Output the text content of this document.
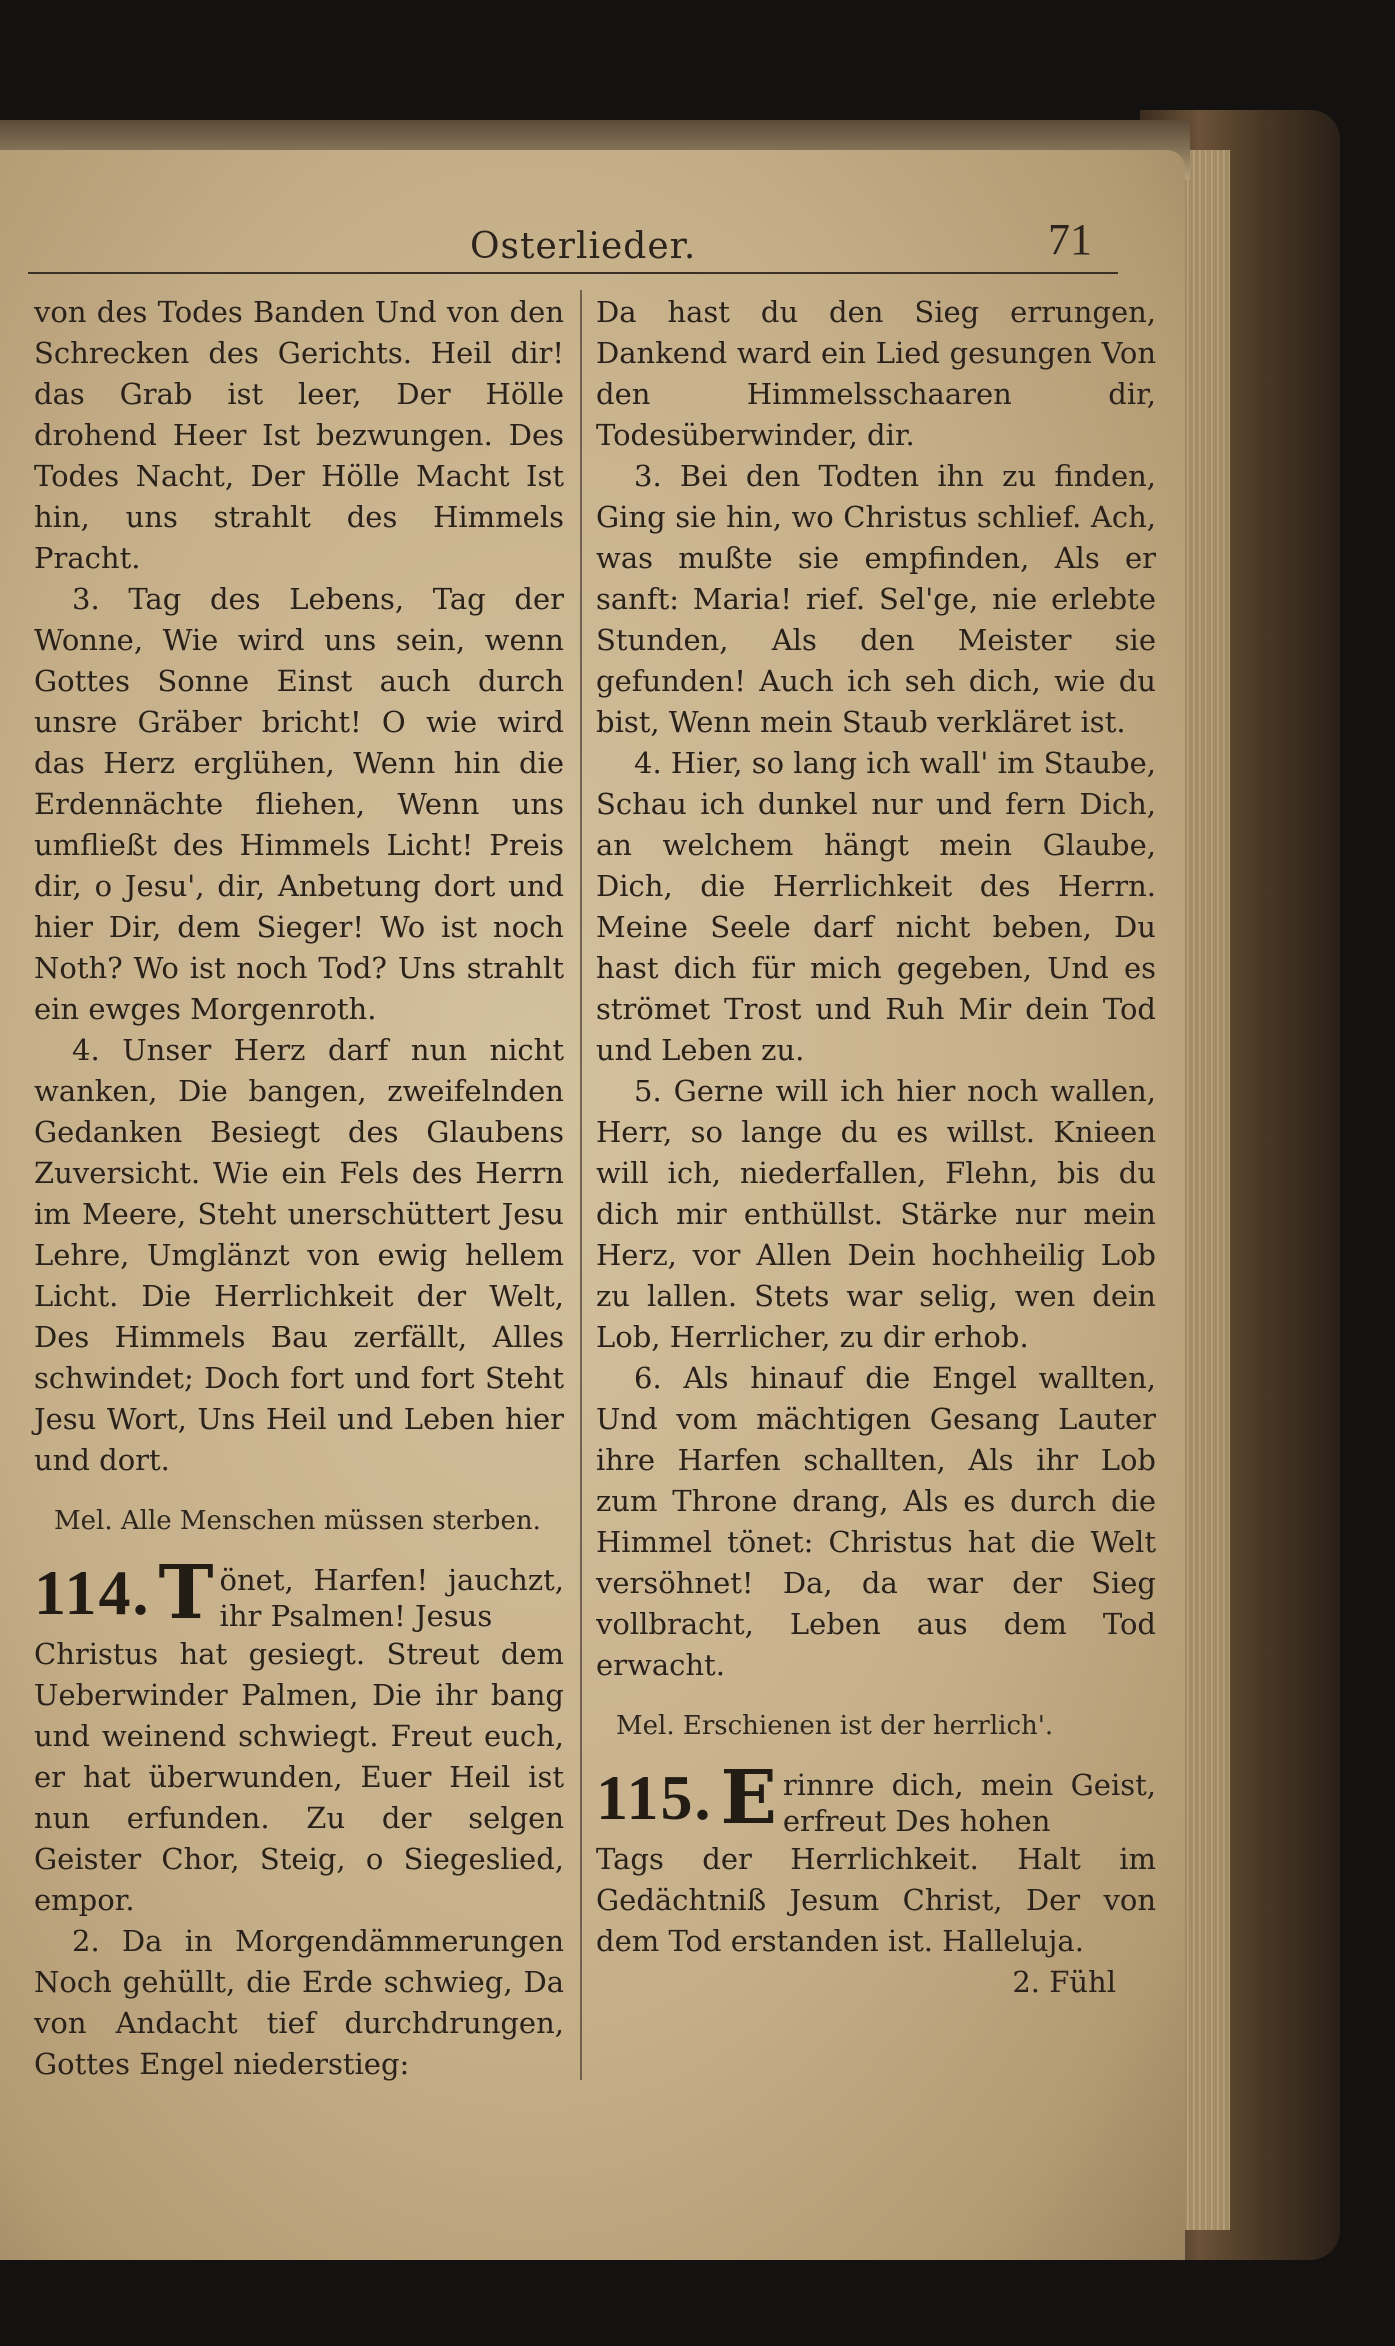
Osterlieder.	71

von des Todes Banden Und von den Schrecken des Gerichts. Heil dir! das Grab ist leer, Der Hölle drohend Heer Ist bezwungen. Des Todes Nacht, Der Hölle Macht Ist hin, uns strahlt des Himmels Pracht.

3. Tag des Lebens, Tag der Wonne, Wie wird uns sein, wenn Gottes Sonne Einst auch durch unsre Gräber bricht! O wie wird das Herz erglühen, Wenn hin die Erdennächte fliehen, Wenn uns umfließt des Himmels Licht! Preis dir, o Jesu', dir, Anbetung dort und hier Dir, dem Sieger! Wo ist noch Noth? Wo ist noch Tod? Uns strahlt ein ewges Morgenroth.

4. Unser Herz darf nun nicht wanken, Die bangen, zweifelnden Gedanken Besiegt des Glaubens Zuversicht. Wie ein Fels des Herrn im Meere, Steht unerschüttert Jesu Lehre, Umglänzt von ewig hellem Licht. Die Herrlichkeit der Welt, Des Himmels Bau zerfällt, Alles schwindet; Doch fort und fort Steht Jesu Wort, Uns Heil und Leben hier und dort.

Mel. Alle Menschen müssen sterben.

114. T önet, Harfen! jauchzt, ihr Psalmen! Jesus

Christus hat gesiegt. Streut dem Ueberwinder Palmen, Die ihr bang und weinend schwiegt. Freut euch, er hat überwunden, Euer Heil ist nun erfunden. Zu der selgen Geister Chor, Steig, o Siegeslied, empor.

2. Da in Morgendämmerungen Noch gehüllt, die Erde schwieg, Da von Andacht tief durchdrungen, Gottes Engel niederstieg:

Da hast du den Sieg errungen, Dankend ward ein Lied gesungen Von den Himmelsschaaren dir, Todesüberwinder, dir.

3. Bei den Todten ihn zu finden, Ging sie hin, wo Christus schlief. Ach, was mußte sie empfinden, Als er sanft: Maria! rief. Sel'ge, nie erlebte Stunden, Als den Meister sie gefunden! Auch ich seh dich, wie du bist, Wenn mein Staub verkläret ist.

4. Hier, so lang ich wall' im Staube, Schau ich dunkel nur und fern Dich, an welchem hängt mein Glaube, Dich, die Herrlichkeit des Herrn. Meine Seele darf nicht beben, Du hast dich für mich gegeben, Und es strömet Trost und Ruh Mir dein Tod und Leben zu.

5. Gerne will ich hier noch wallen, Herr, so lange du es willst. Knieen will ich, niederfallen, Flehn, bis du dich mir enthüllst. Stärke nur mein Herz, vor Allen Dein hochheilig Lob zu lallen. Stets war selig, wen dein Lob, Herrlicher, zu dir erhob.

6. Als hinauf die Engel wallten, Und vom mächtigen Gesang Lauter ihre Harfen schallten, Als ihr Lob zum Throne drang, Als es durch die Himmel tönet: Christus hat die Welt versöhnet! Da, da war der Sieg vollbracht, Leben aus dem Tod erwacht.

Mel. Erschienen ist der herrlich'.

115. E rinnre dich, mein Geist, erfreut Des hohen

Tags der Herrlichkeit. Halt im Gedächtniß Jesum Christ, Der von dem Tod erstanden ist. Halleluja.

2. Fühl
